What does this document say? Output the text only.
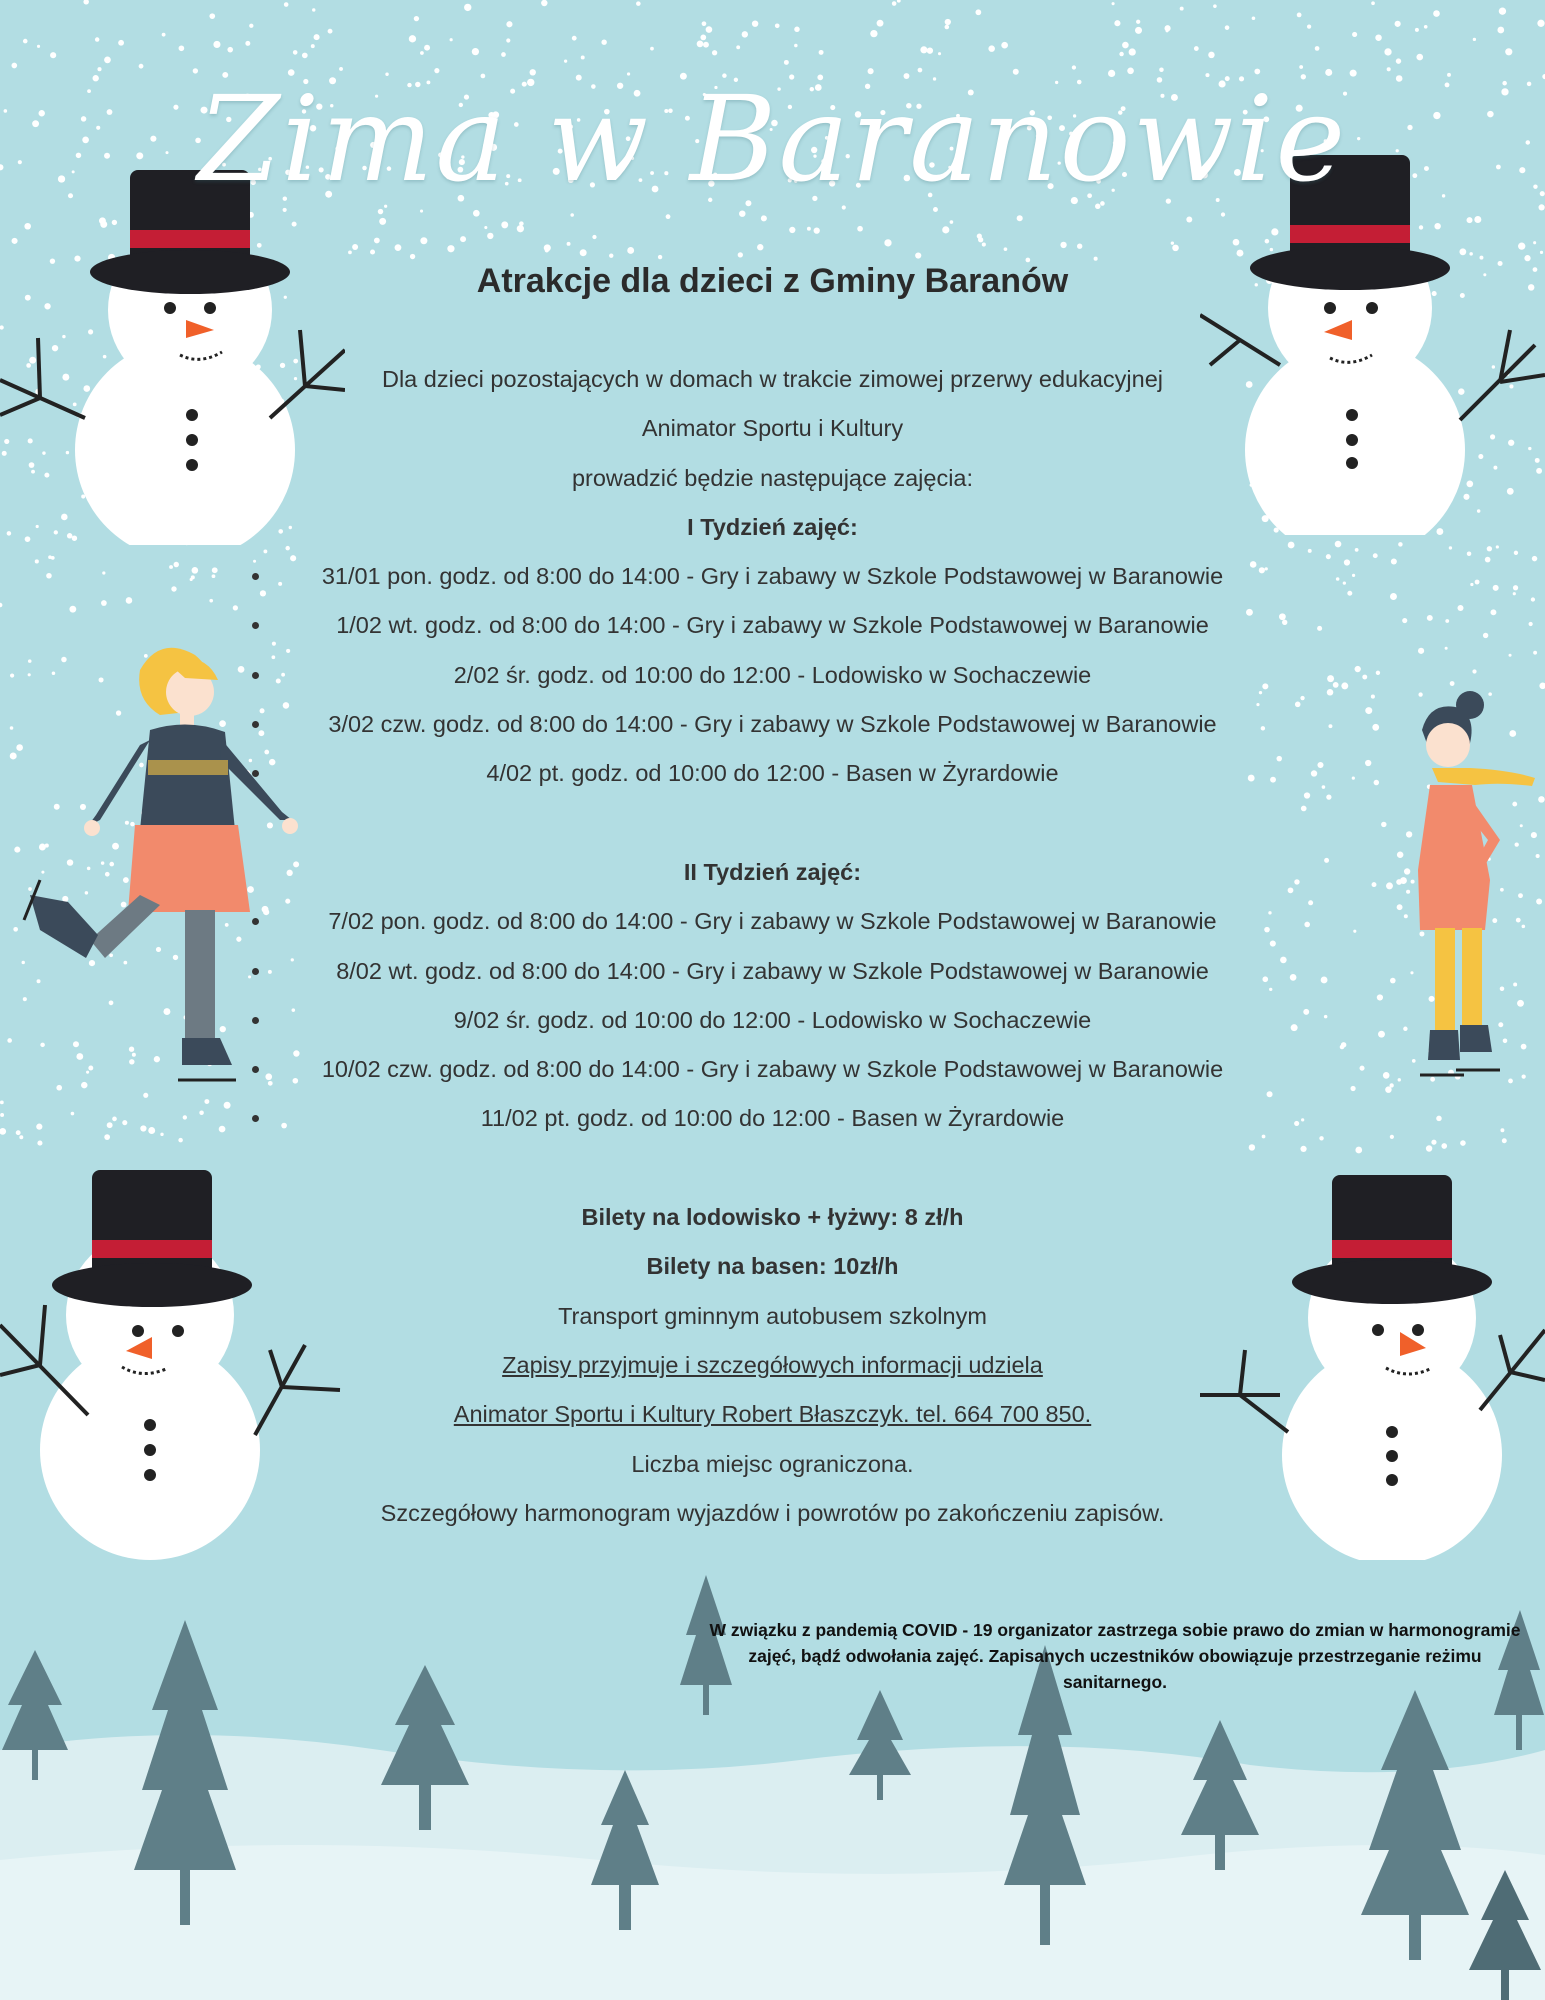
Zima w Baranowie
Atrakcje dla dzieci z Gminy Baranów

Dla dzieci pozostających w domach w trakcie zimowej przerwy edukacyjnej

Animator Sportu i Kultury

prowadzić będzie następujące zajęcia:

I Tydzień zajęć:

31/01 pon. godz. od 8:00 do 14:00 - Gry i zabawy w Szkole Podstawowej w Baranowie
1/02 wt. godz. od 8:00 do 14:00 - Gry i zabawy w Szkole Podstawowej w Baranowie
2/02 śr. godz. od 10:00 do 12:00 - Lodowisko w Sochaczewie
3/02 czw. godz. od 8:00 do 14:00 - Gry i zabawy w Szkole Podstawowej w Baranowie
4/02 pt. godz. od 10:00 do 12:00 - Basen w Żyrardowie

II Tydzień zajęć:

7/02 pon. godz. od 8:00 do 14:00 - Gry i zabawy w Szkole Podstawowej w Baranowie
8/02 wt. godz. od 8:00 do 14:00 - Gry i zabawy w Szkole Podstawowej w Baranowie
9/02 śr. godz. od 10:00 do 12:00 - Lodowisko w Sochaczewie
10/02 czw. godz. od 8:00 do 14:00 - Gry i zabawy w Szkole Podstawowej w Baranowie
11/02 pt. godz. od 10:00 do 12:00 - Basen w Żyrardowie

Bilety na lodowisko + łyżwy: 8 zł/h

Bilety na basen: 10zł/h

Transport gminnym autobusem szkolnym

Zapisy przyjmuje i szczegółowych informacji udziela

Animator Sportu i Kultury Robert Błaszczyk. tel. 664 700 850.

Liczba miejsc ograniczona.

Szczegółowy harmonogram wyjazdów i powrotów po zakończeniu zapisów.

W związku z pandemią COVID - 19 organizator zastrzega sobie prawo do zmian w harmonogramie zajęć, bądź odwołania zajęć. Zapisanych uczestników obowiązuje przestrzeganie reżimu sanitarnego.
